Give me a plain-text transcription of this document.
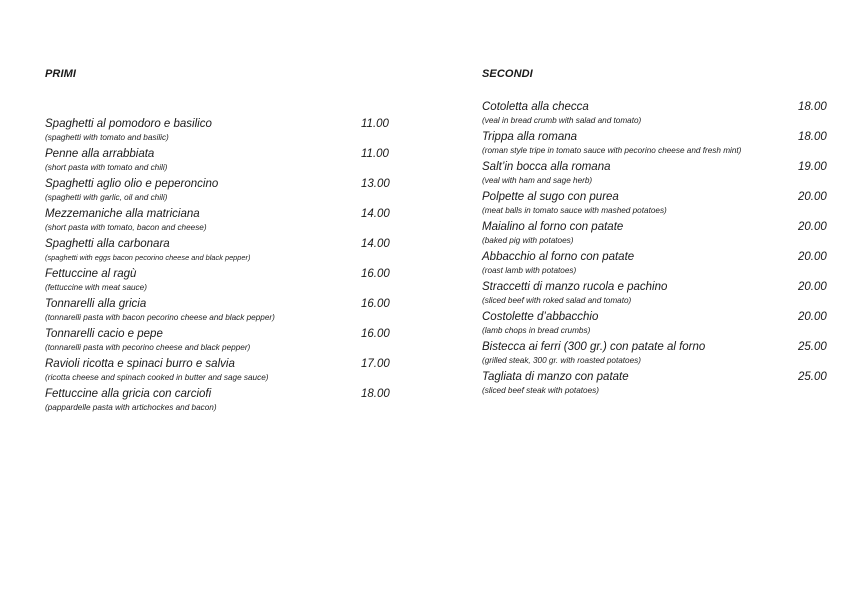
PRIMI
Spaghetti al pomodoro e basilico
(spaghetti with tomato and basilic)
11.00
Penne alla arrabbiata
(short pasta with tomato and chili)
11.00
Spaghetti aglio olio e peperoncino
(spaghetti with garlic, oil and chili)
13.00
Mezzemaniche alla matriciana
(short pasta with tomato, bacon and cheese)
14.00
Spaghetti alla carbonara
(spaghetti with eggs bacon pecorino cheese and black pepper)
14.00
Fettuccine al ragù
(fettuccine with meat sauce)
16.00
Tonnarelli alla gricia
(tonnarelli pasta with bacon pecorino cheese and black pepper)
16.00
Tonnarelli cacio e pepe
(tonnarelli pasta with pecorino cheese and black pepper)
16.00
Ravioli ricotta e spinaci burro e salvia
(ricotta cheese and spinach cooked in butter and sage sauce)
17.00
Fettuccine alla gricia con carciofi
(pappardelle pasta with artichockes and bacon)
18.00
SECONDI
Cotoletta alla checca
(veal in bread crumb with salad and tomato)
18.00
Trippa alla romana
(roman style tripe in tomato sauce with pecorino cheese and fresh mint)
18.00
Salt’in bocca alla romana
(veal with ham and sage herb)
19.00
Polpette al sugo con purea
(meat balls in tomato sauce with mashed potatoes)
20.00
Maialino al forno con patate
(baked pig with potatoes)
20.00
Abbacchio al forno con patate
(roast lamb with potatoes)
20.00
Straccetti di manzo rucola e pachino
(sliced beef with roked salad and tomato)
20.00
Costolette d’abbacchio
(lamb chops in bread crumbs)
20.00
Bistecca ai ferri (300 gr.) con patate al forno
(grilled steak, 300 gr. with roasted potatoes)
25.00
Tagliata di manzo con patate
(sliced beef steak with potatoes)
25.00
